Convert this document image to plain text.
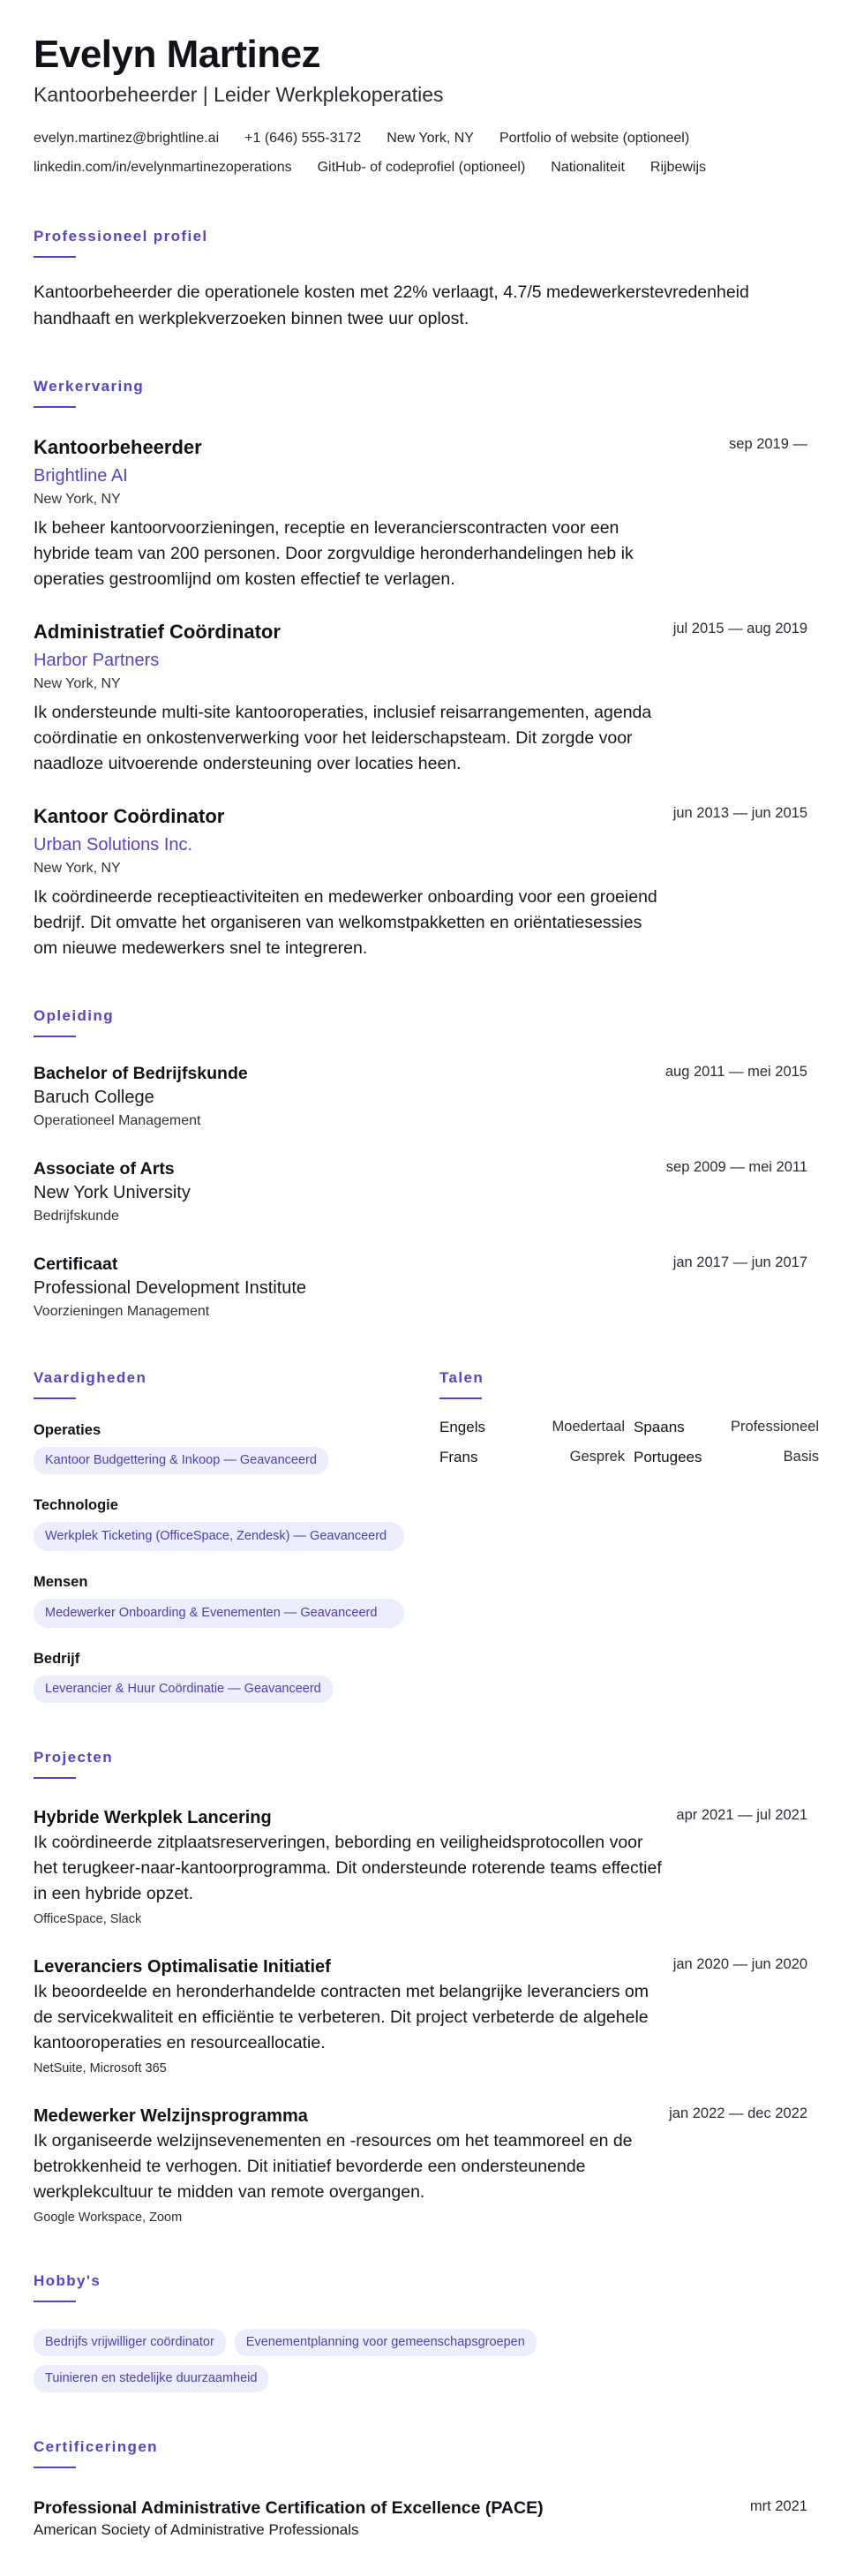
Evelyn Martinez
Kantoorbeheerder | Leider Werkplekoperaties
evelyn.martinez@brightline.ai +1 (646) 555-3172 New York, NY Portfolio of website (optioneel)
linkedin.com/in/evelynmartinezoperations GitHub- of codeprofiel (optioneel) Nationaliteit Rijbewijs
Professioneel profiel

Kantoorbeheerder die operationele kosten met 22% verlaagt, 4.7/5 medewerkerstevredenheid handhaaft en werkplekverzoeken binnen twee uur oplost.

Werkervaring
Kantoorbeheerder	sep 2019 —
Brightline AI
New York, NY

Ik beheer kantoorvoorzieningen, receptie en leverancierscontracten voor een hybride team van 200 personen. Door zorgvuldige heronderhandelingen heb ik operaties gestroomlijnd om kosten effectief te verlagen.

Administratief Coördinator	jul 2015 — aug 2019
Harbor Partners
New York, NY

Ik ondersteunde multi-site kantooroperaties, inclusief reisarrangementen, agenda coördinatie en onkostenverwerking voor het leiderschapsteam. Dit zorgde voor naadloze uitvoerende ondersteuning over locaties heen.

Kantoor Coördinator	jun 2013 — jun 2015
Urban Solutions Inc.
New York, NY

Ik coördineerde receptieactiviteiten en medewerker onboarding voor een groeiend bedrijf. Dit omvatte het organiseren van welkomstpakketten en oriëntatiesessies om nieuwe medewerkers snel te integreren.

Opleiding
Bachelor of Bedrijfskunde	aug 2011 — mei 2015
Baruch College
Operationeel Management
Associate of Arts	sep 2009 — mei 2011
New York University
Bedrijfskunde
Certificaat	jan 2017 — jun 2017
Professional Development Institute
Voorzieningen Management
Vaardigheden
Operaties
Kantoor Budgettering & Inkoop — Geavanceerd
Technologie
Werkplek Ticketing (OfficeSpace, Zendesk) — Geavanceerd
Mensen
Medewerker Onboarding & Evenementen — Geavanceerd
Bedrijf
Leverancier & Huur Coördinatie — Geavanceerd
Talen
Engels	Moedertaal Spaans	Professioneel
Frans	Gesprek Portugees	Basis
Projecten
Hybride Werkplek Lancering	apr 2021 — jul 2021

Ik coördineerde zitplaatsreserveringen, bebording en veiligheidsprotocollen voor het terugkeer-naar-kantoorprogramma. Dit ondersteunde roterende teams effectief in een hybride opzet.

OfficeSpace, Slack
Leveranciers Optimalisatie Initiatief	jan 2020 — jun 2020

Ik beoordeelde en heronderhandelde contracten met belangrijke leveranciers om de servicekwaliteit en efficiëntie te verbeteren. Dit project verbeterde de algehele kantooroperaties en resourceallocatie.

NetSuite, Microsoft 365
Medewerker Welzijnsprogramma	jan 2022 — dec 2022

Ik organiseerde welzijnsevenementen en -resources om het teammoreel en de betrokkenheid te verhogen. Dit initiatief bevorderde een ondersteunende werkplekcultuur te midden van remote overgangen.

Google Workspace, Zoom
Hobby's
Bedrijfs vrijwilliger coördinator	Evenementplanning voor gemeenschapsgroepen
Tuinieren en stedelijke duurzaamheid
Certificeringen
Professional Administrative Certification of Excellence (PACE)	mrt 2021
American Society of Administrative Professionals
